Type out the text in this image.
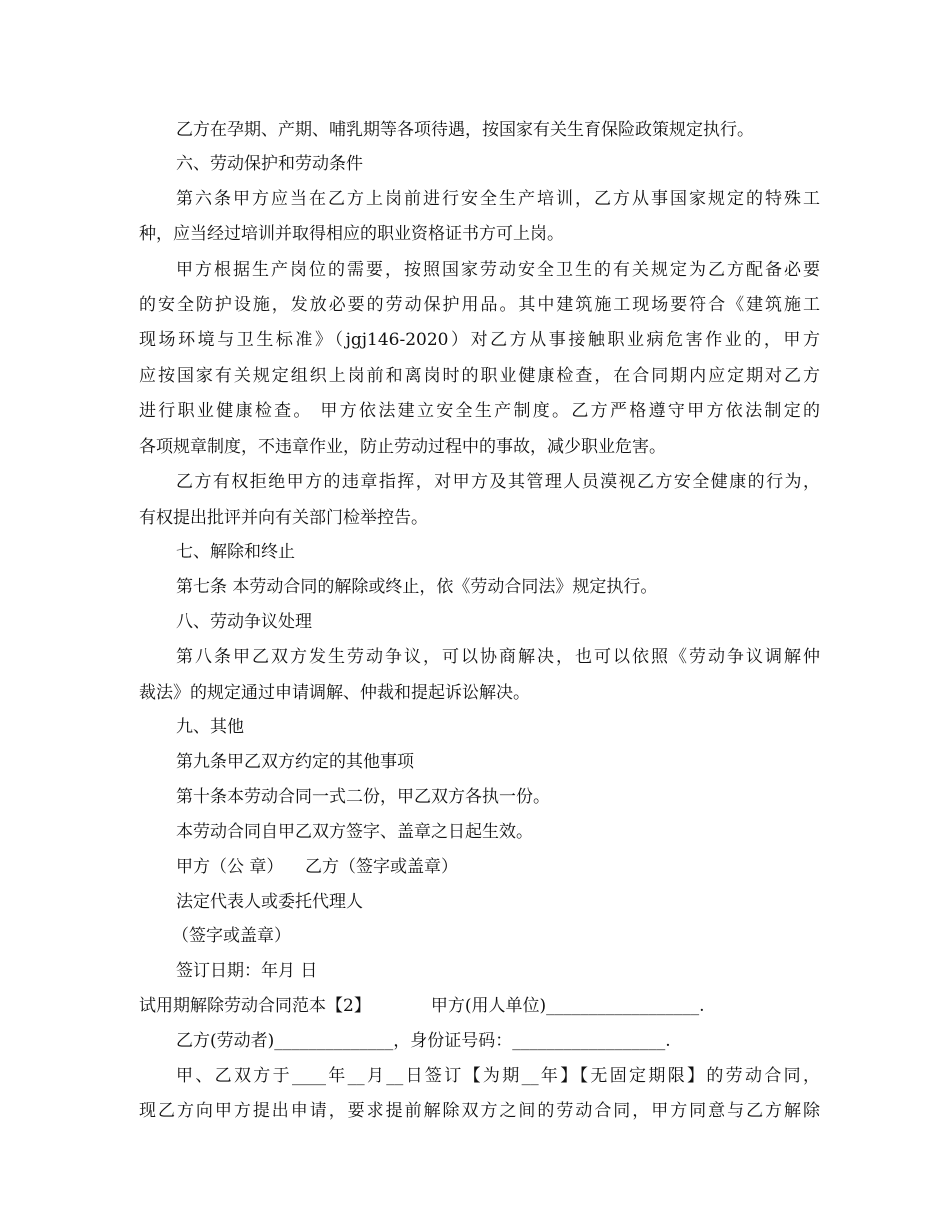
乙方在孕期、产期、哺乳期等各项待遇，按国家有关生育保险政策规定执行。
六、劳动保护和劳动条件
第六条甲方应当在乙方上岗前进行安全生产培训，乙方从事国家规定的特殊工
种，应当经过培训并取得相应的职业资格证书方可上岗。
甲方根据生产岗位的需要，按照国家劳动安全卫生的有关规定为乙方配备必要
的安全防护设施，发放必要的劳动保护用品。其中建筑施工现场要符合《建筑施工
现场环境与卫生标准》（jgj146-2020）对乙方从事接触职业病危害作业的，甲方
应按国家有关规定组织上岗前和离岗时的职业健康检查，在合同期内应定期对乙方
进行职业健康检查。 甲方依法建立安全生产制度。乙方严格遵守甲方依法制定的
各项规章制度，不违章作业，防止劳动过程中的事故，减少职业危害。
乙方有权拒绝甲方的违章指挥，对甲方及其管理人员漠视乙方安全健康的行为，
有权提出批评并向有关部门检举控告。
七、解除和终止
第七条 本劳动合同的解除或终止，依《劳动合同法》规定执行。
八、劳动争议处理
第八条甲乙双方发生劳动争议，可以协商解决，也可以依照《劳动争议调解仲
裁法》的规定通过申请调解、仲裁和提起诉讼解决。
九、其他
第九条甲乙双方约定的其他事项
第十条本劳动合同一式二份，甲乙双方各执一份。
本劳动合同自甲乙双方签字、盖章之日起生效。
甲方（公 章）    乙方（签字或盖章）
法定代表人或委托代理人
（签字或盖章）
签订日期：年月 日
试用期解除劳动合同范本【2】	甲方(用人单位)__________________.
乙方(劳动者)______________，身份证号码：__________________.
甲、乙双方于____年__月__日签订【为期__年】【无固定期限】的劳动合同，
现乙方向甲方提出申请，要求提前解除双方之间的劳动合同，甲方同意与乙方解除
